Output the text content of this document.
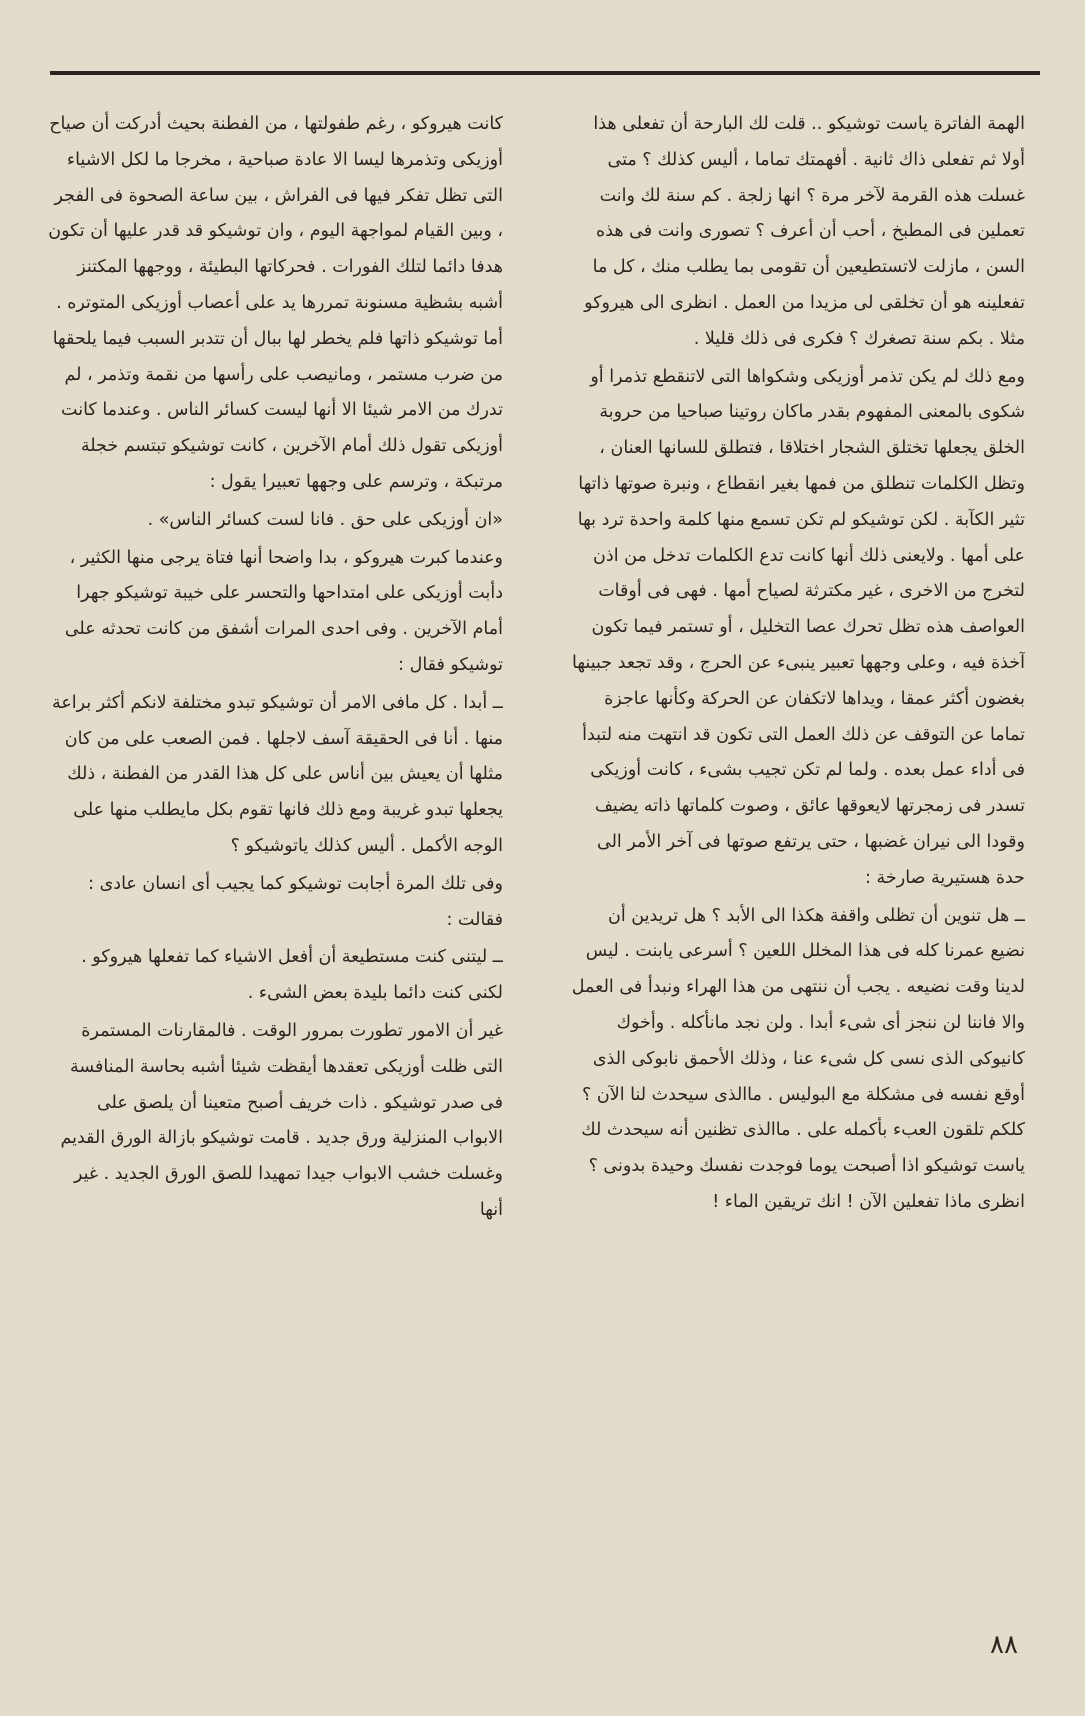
الهمة الفاترة ياست توشيكو .. قلت لك البارحة أن تفعلى هذا أولا ثم تفعلى ذاك ثانية . أفهمتك تماما ، أليس كذلك ؟ متى غسلت هذه القرمة لآخر مرة ؟ انها زلجة . كم سنة لك وانت تعملين فى المطبخ ، أحب أن أعرف ؟ تصورى وانت فى هذه السن ، مازلت لاتستطيعين أن تقومى بما يطلب منك ، كل ما تفعلينه هو أن تخلقى لى مزيدا من العمل . انظرى الى هيروكو مثلا . بكم سنة تصغرك ؟ فكرى فى ذلك قليلا .

ومع ذلك لم يكن تذمر أوزيكى وشكواها التى لاتنقطع تذمرا أو شكوى بالمعنى المفهوم بقدر ماكان روتينا صباحيا من حروبة الخلق يجعلها تختلق الشجار اختلاقا ، فتطلق للسانها العنان ، وتظل الكلمات تنطلق من فمها بغير انقطاع ، ونبرة صوتها ذاتها تثير الكآبة . لكن توشيكو لم تكن تسمع منها كلمة واحدة ترد بها على أمها . ولايعنى ذلك أنها كانت تدع الكلمات تدخل من اذن لتخرج من الاخرى ، غير مكترثة لصياح أمها . فهى فى أوقات العواصف هذه تظل تحرك عصا التخليل ، أو تستمر فيما تكون آخذة فيه ، وعلى وجهها تعبير ينبىء عن الحرج ، وقد تجعد جبينها بغضون أكثر عمقا ، ويداها لاتكفان عن الحركة وكأنها عاجزة تماما عن التوقف عن ذلك العمل التى تكون قد انتهت منه لتبدأ فى أداء عمل بعده . ولما لم تكن تجيب بشىء ، كانت أوزيكى تسدر فى زمجرتها لايعوقها عائق ، وصوت كلماتها ذاته يضيف وقودا الى نيران غضبها ، حتى يرتفع صوتها فى آخر الأمر الى حدة هستيرية صارخة :

ــ هل تنوين أن تظلى واقفة هكذا الى الأبد ؟ هل تريدين أن نضيع عمرنا كله فى هذا المخلل اللعين ؟ أسرعى يابنت . ليس لدينا وقت نضيعه . يجب أن ننتهى من هذا الهراء ونبدأ فى العمل والا فاننا لن ننجز أى شىء أبدا . ولن نجد مانأكله . وأخوك كانيوكى الذى نسى كل شىء عنا ، وذلك الأحمق نابوكى الذى أوقع نفسه فى مشكلة مع البوليس . ماالذى سيحدث لنا الآن ؟ كلكم تلقون العبء بأكمله على . ماالذى تظنين أنه سيحدث لك ياست توشيكو اذا أصبحت يوما فوجدت نفسك وحيدة بدونى ؟ انظرى ماذا تفعلين الآن ! انك تريقين الماء !

كانت هيروكو ، رغم طفولتها ، من الفطنة بحيث أدركت أن صياح أوزيكى وتذمرها ليسا الا عادة صباحية ، مخرجا ما لكل الاشياء التى تظل تفكر فيها فى الفراش ، بين ساعة الصحوة فى الفجر ، وبين القيام لمواجهة اليوم ، وان توشيكو قد قدر عليها أن تكون هدفا دائما لتلك الفورات . فحركاتها البطيئة ، ووجهها المكتنز أشبه بشظية مسنونة تمررها يد على أعصاب أوزيكى المتوتره . أما توشيكو ذاتها فلم يخطر لها ببال أن تتدبر السبب فيما يلحقها من ضرب مستمر ، ومانيصب على رأسها من نقمة وتذمر ، لم تدرك من الامر شيئا الا أنها ليست كسائر الناس . وعندما كانت أوزيكى تقول ذلك أمام الآخرين ، كانت توشيكو تبتسم خجلة مرتبكة ، وترسم على وجهها تعبيرا يقول :

«ان أوزيكى على حق . فانا لست كسائر الناس» .

وعندما كبرت هيروكو ، بدا واضحا أنها فتاة يرجى منها الكثير ، دأبت أوزيكى على امتداحها والتحسر على خيبة توشيكو جهرا أمام الآخرين . وفى احدى المرات أشفق من كانت تحدثه على توشيكو فقال :

ــ أبدا . كل مافى الامر أن توشيكو تبدو مختلفة لانكم أكثر براعة منها . أنا فى الحقيقة آسف لاجلها . فمن الصعب على من كان مثلها أن يعيش بين أناس على كل هذا القدر من الفطنة ، ذلك يجعلها تبدو غريبة ومع ذلك فانها تقوم بكل مايطلب منها على الوجه الأكمل . أليس كذلك ياتوشيكو ؟

وفى تلك المرة أجابت توشيكو كما يجيب أى انسان عادى : فقالت :

ــ ليتنى كنت مستطيعة أن أفعل الاشياء كما تفعلها هيروكو . لكنى كنت دائما بليدة بعض الشىء .

غير أن الامور تطورت بمرور الوقت . فالمقارنات المستمرة التى ظلت أوزيكى تعقدها أيقظت شيئا أشبه بحاسة المنافسة فى صدر توشيكو . ذات خريف أصبح متعينا أن يلصق على الابواب المنزلية ورق جديد . قامت توشيكو بازالة الورق القديم وغسلت خشب الابواب جيدا تمهيدا للصق الورق الجديد . غير أنها

٨٨
